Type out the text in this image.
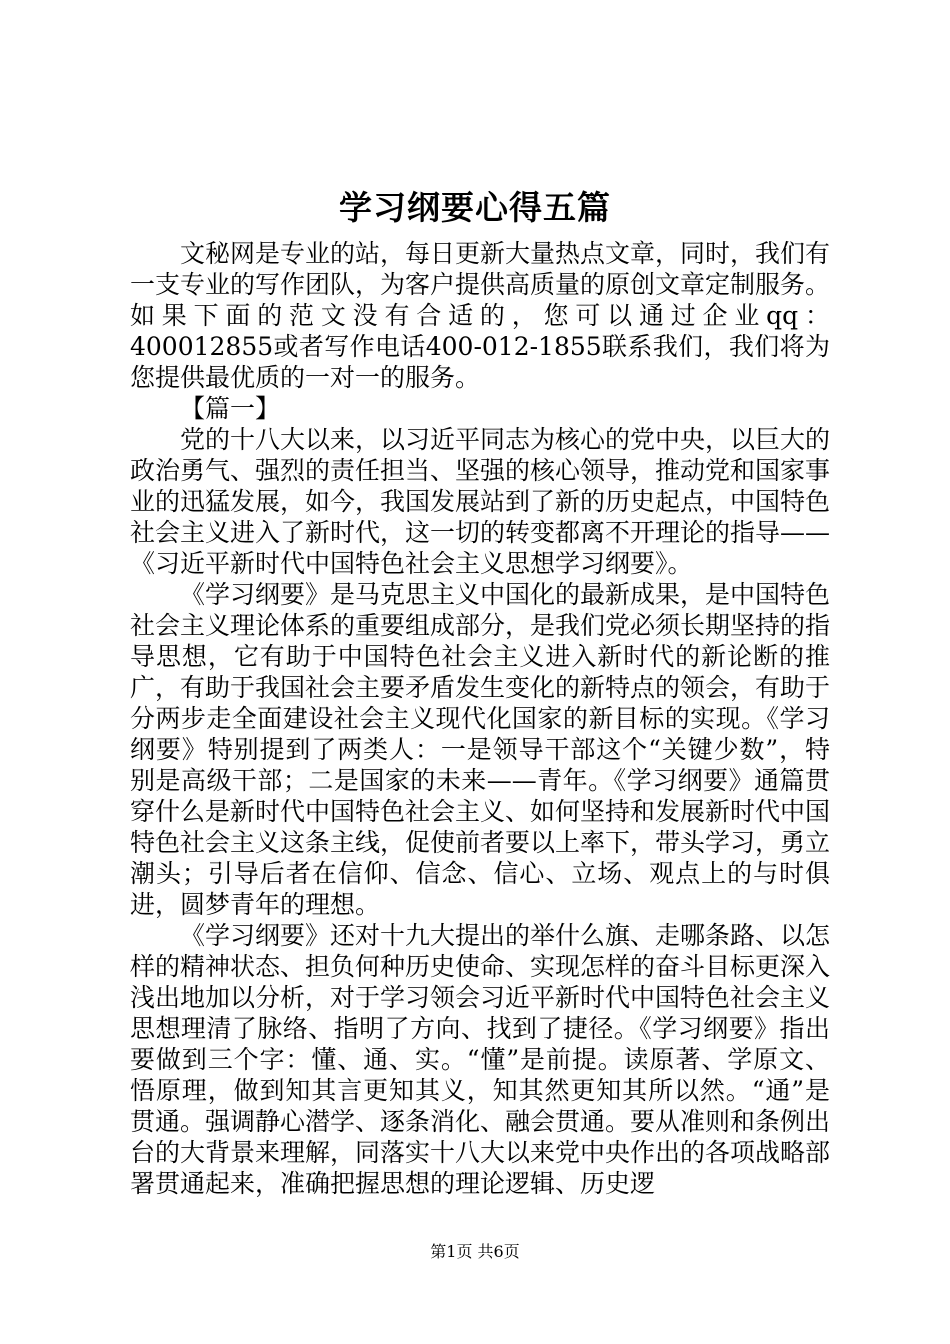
学习纲要心得五篇

文秘网是专业的站，每日更新大量热点文章，同时，我们有一支专业的写作团队，为客户提供高质量的原创文章定制服务。如果下面的范文没有合适的，您可以通过企业qq：400012855或者写作电话400-012-1855联系我们，我们将为您提供最优质的一对一的服务。

【篇一】

党的十八大以来，以习近平同志为核心的党中央，以巨大的政治勇气、强烈的责任担当、坚强的核心领导，推动党和国家事业的迅猛发展，如今，我国发展站到了新的历史起点，中国特色社会主义进入了新时代，这一切的转变都离不开理论的指导——《习近平新时代中国特色社会主义思想学习纲要》。

《学习纲要》是马克思主义中国化的最新成果，是中国特色社会主义理论体系的重要组成部分，是我们党必须长期坚持的指导思想，它有助于中国特色社会主义进入新时代的新论断的推广，有助于我国社会主要矛盾发生变化的新特点的领会，有助于分两步走全面建设社会主义现代化国家的新目标的实现。《学习纲要》特别提到了两类人：一是领导干部这个“关键少数”，特别是高级干部；二是国家的未来——青年。《学习纲要》通篇贯穿什么是新时代中国特色社会主义、如何坚持和发展新时代中国特色社会主义这条主线，促使前者要以上率下，带头学习，勇立潮头；引导后者在信仰、信念、信心、立场、观点上的与时俱进，圆梦青年的理想。

《学习纲要》还对十九大提出的举什么旗、走哪条路、以怎样的精神状态、担负何种历史使命、实现怎样的奋斗目标更深入浅出地加以分析，对于学习领会习近平新时代中国特色社会主义思想理清了脉络、指明了方向、找到了捷径。《学习纲要》指出要做到三个字：懂、通、实。“懂”是前提。读原著、学原文、悟原理，做到知其言更知其义，知其然更知其所以然。“通”是贯通。强调静心潜学、逐条消化、融会贯通。要从准则和条例出台的大背景来理解，同落实十八大以来党中央作出的各项战略部署贯通起来，准确把握思想的理论逻辑、历史逻

第1页 共6页
